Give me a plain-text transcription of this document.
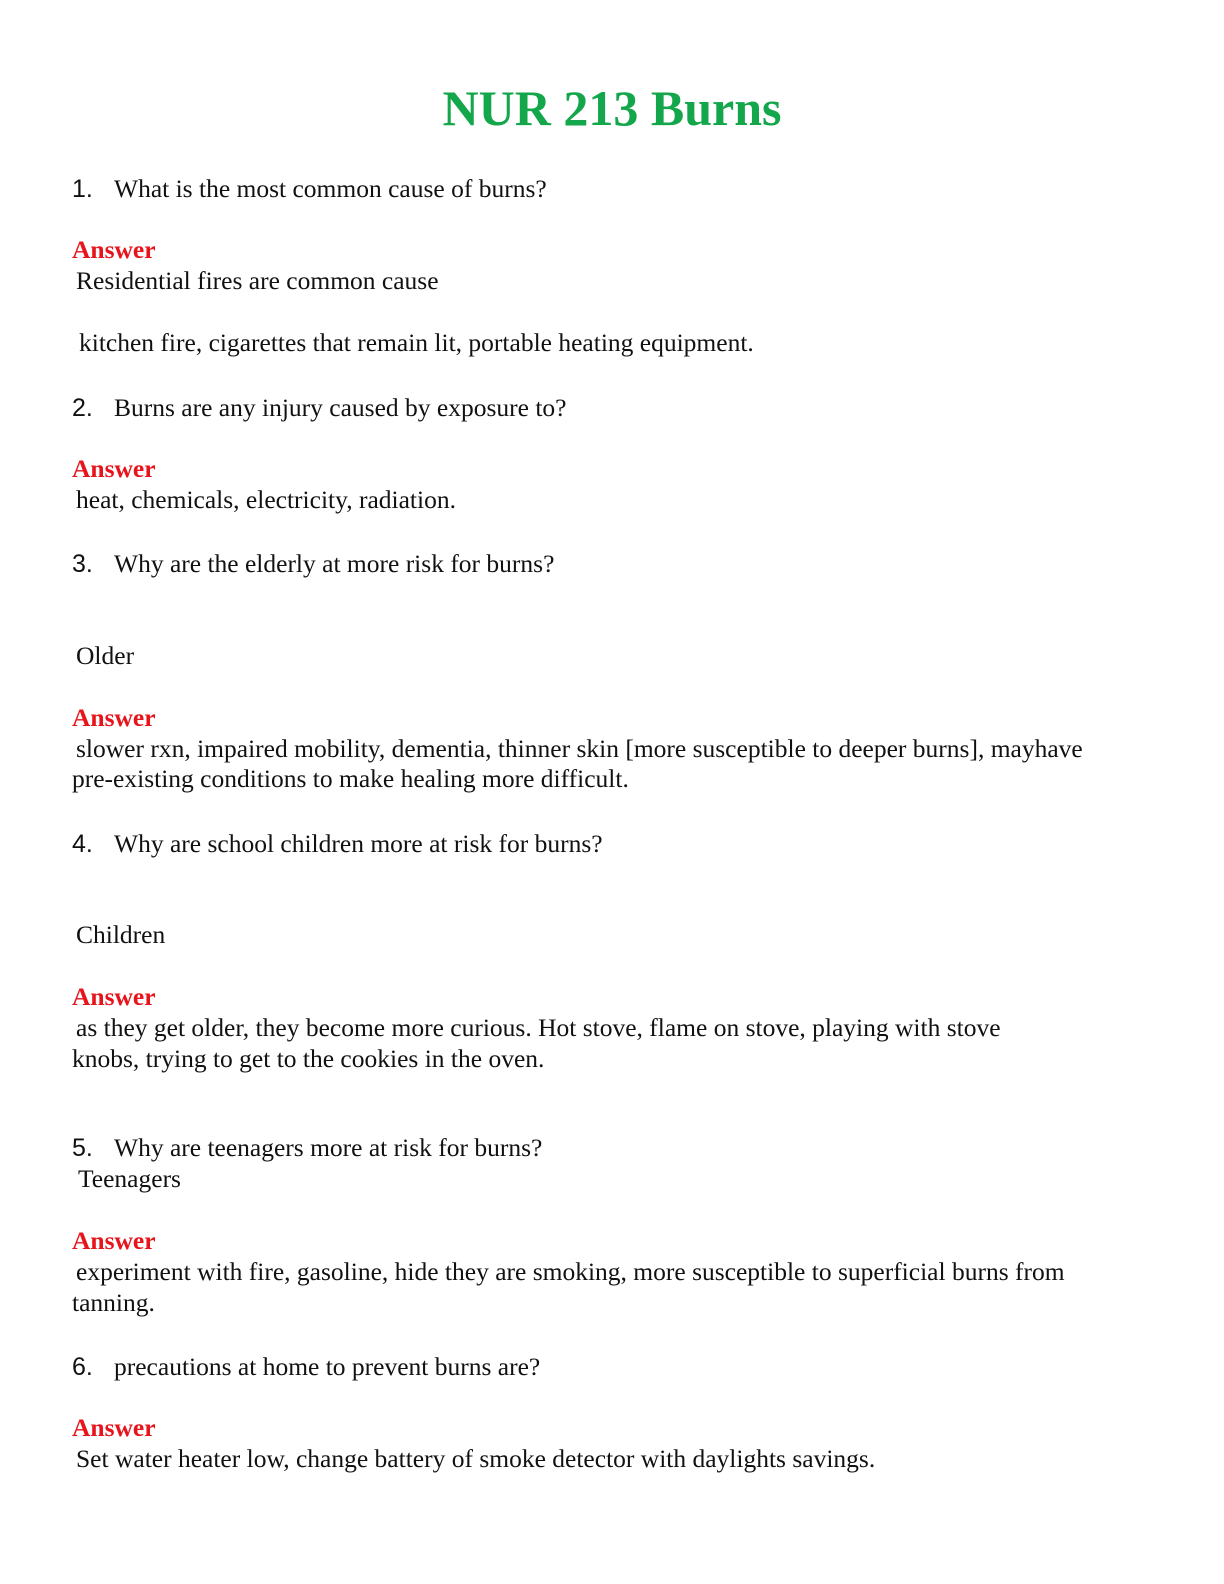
NUR 213 Burns
1. What is the most common cause of burns?
Answer
Residential fires are common cause
kitchen fire, cigarettes that remain lit, portable heating equipment.
2. Burns are any injury caused by exposure to?
Answer
heat, chemicals, electricity, radiation.
3. Why are the elderly at more risk for burns?
Older
Answer
slower rxn, impaired mobility, dementia, thinner skin [more susceptible to deeper burns], mayhave
pre-existing conditions to make healing more difficult.
4. Why are school children more at risk for burns?
Children
Answer
as they get older, they become more curious. Hot stove, flame on stove, playing with stove
knobs, trying to get to the cookies in the oven.
5. Why are teenagers more at risk for burns?
Teenagers
Answer
experiment with fire, gasoline, hide they are smoking, more susceptible to superficial burns from
tanning.
6. precautions at home to prevent burns are?
Answer
Set water heater low, change battery of smoke detector with daylights savings.
